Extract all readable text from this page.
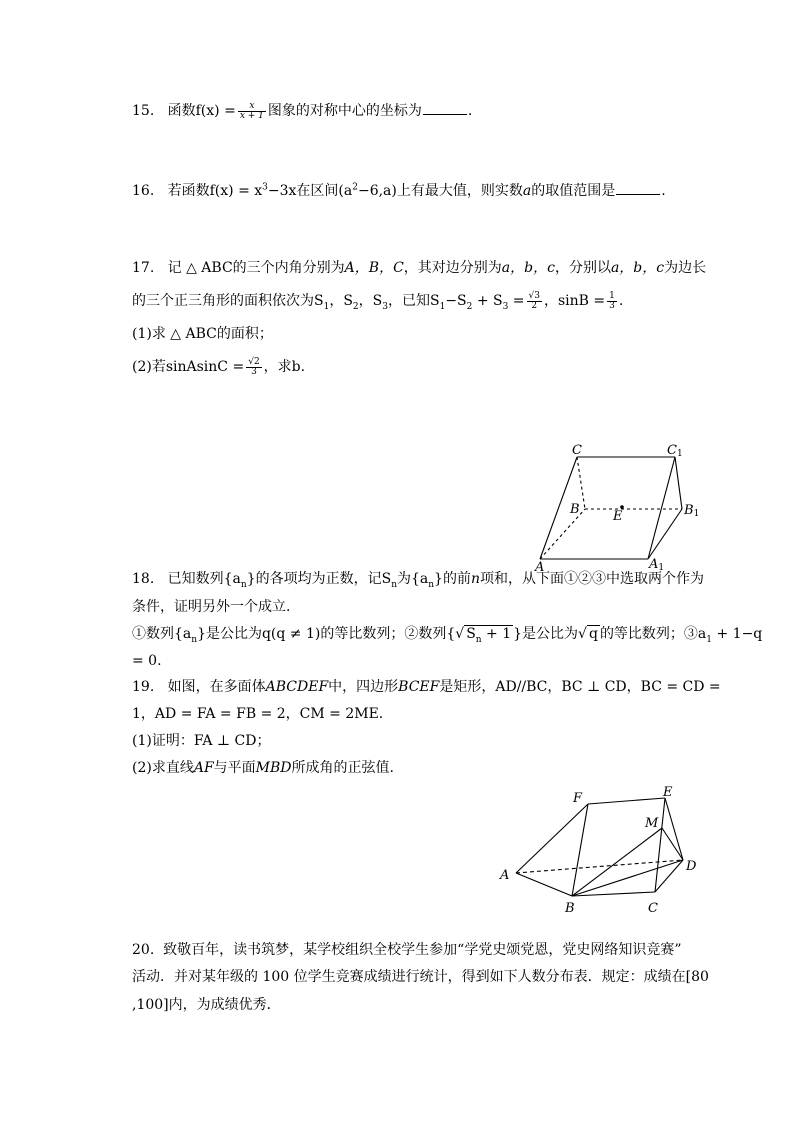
15. 函数$f(x) = \frac{x}{x + 1}$ 图象的对称中心的坐标为	.
16. 若函数$f(x) = x^3-3x$在区间$(a^2-6,a)$上有最大值，则实数a的取值范围是	.
17. 记 △ ABC的三个内角分别为A，B，C，其对边分别为a，b，c，分别以a，b，c为边长
的三个正三角形的面积依次为$S_1$，$S_2$，$S_3$，已知$S_1-S_2 + S_3 = \frac{√3}{2}$ ，$\sin B = \frac{1}{3}$ .
(1)求 △ ABC的面积；
(2)若sinAsinC = $\frac{√2}{3}$ ，求b.
C	C1
B	E	B1
A	A1
18. 已知数列$\{a_n\}$的各项均为正数，记$S_n$为$\{a_n\}$的前n项和，从下面①②③中选取两个作为
条件，证明另外一个成立.
①数列$\{a_n\}$是公比为q(q ≠ 1)的等比数列；②数列{√ $S_n + 1$ }是公比为√ q 的等比数列；$③a_1 + 1-q$
= 0.
19. 如图，在多面体ABCDEF中，四边形BCEF是矩形，AD//BC，BC ⊥ CD，BC = CD =
1，AD = FA = FB = 2，CM = 2ME.
(1)证明：FA ⊥ CD；
(2)求直线AF与平面MBD所成角的正弦值.
F	E
M
D
A
B	C
20. 致敬百年，读书筑梦，某学校组织全校学生参加“学党史颂党恩，党史网络知识竞赛”
活动．并对某年级的 100 位学生竞赛成绩进行统计，得到如下人数分布表．规定：成绩在[80
,100]内，为成绩优秀．
